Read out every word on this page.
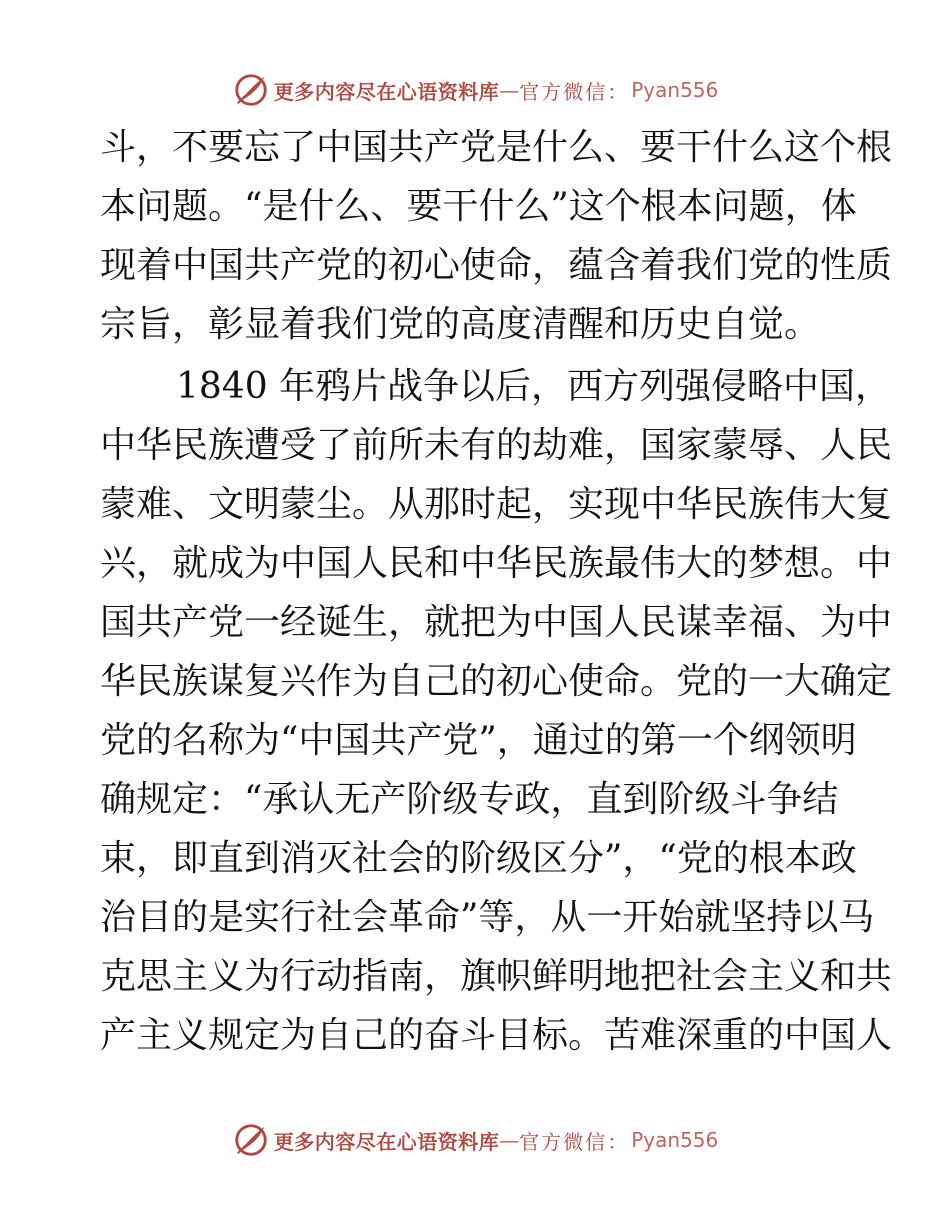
更多内容尽在心语资料库 — 官方微信： Pyan556
斗，不要忘了中国共产党是什么、要干什么这个根
本问题。“是什么、要干什么”这个根本问题，体
现着中国共产党的初心使命，蕴含着我们党的性质
宗旨，彰显着我们党的高度清醒和历史自觉。
1840 年鸦片战争以后，西方列强侵略中国，
中华民族遭受了前所未有的劫难，国家蒙辱、人民
蒙难、文明蒙尘。从那时起，实现中华民族伟大复
兴，就成为中国人民和中华民族最伟大的梦想。中
国共产党一经诞生，就把为中国人民谋幸福、为中
华民族谋复兴作为自己的初心使命。党的一大确定
党的名称为“中国共产党”，通过的第一个纲领明
确规定：“承认无产阶级专政，直到阶级斗争结
束，即直到消灭社会的阶级区分”，“党的根本政
治目的是实行社会革命”等，从一开始就坚持以马
克思主义为行动指南，旗帜鲜明地把社会主义和共
产主义规定为自己的奋斗目标。苦难深重的中国人
更多内容尽在心语资料库 — 官方微信： Pyan556
